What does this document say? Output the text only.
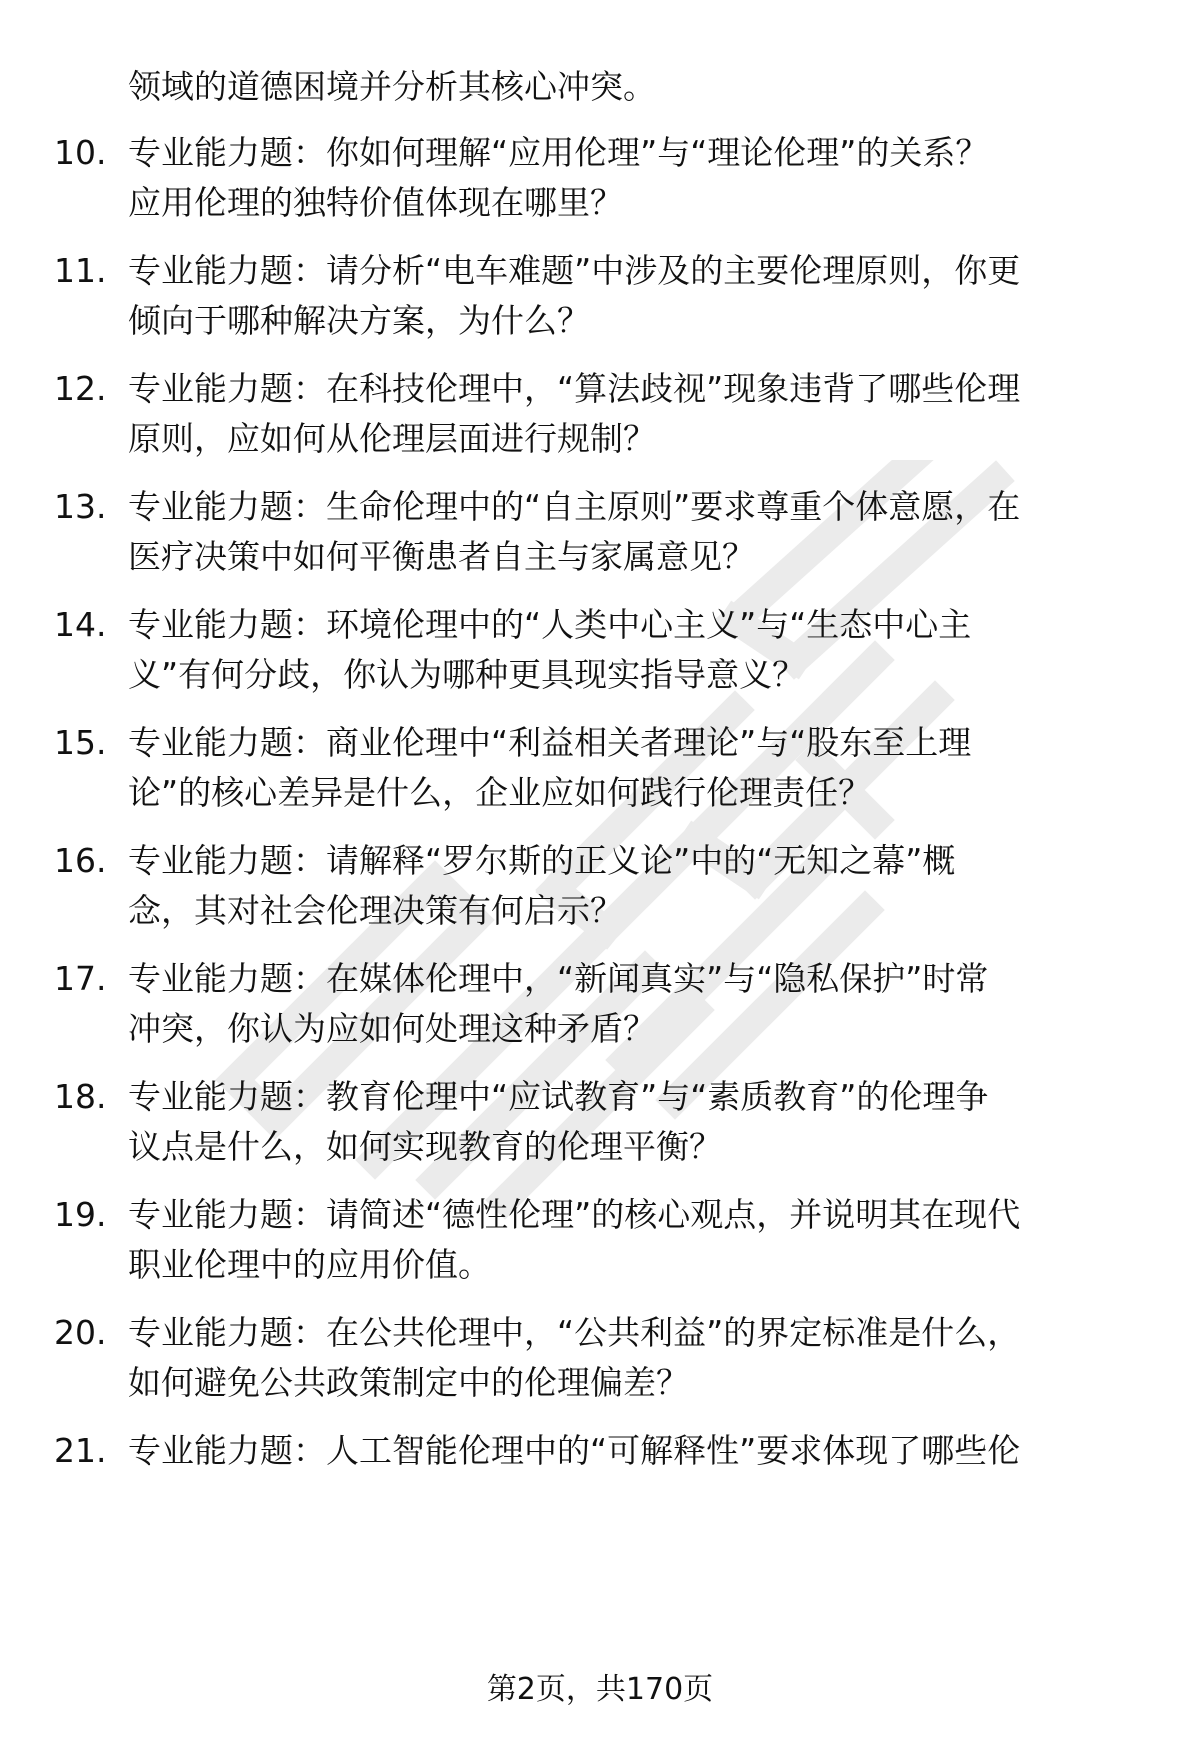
领域的道德困境并分析其核心冲突。
10. 专业能力题：你如何理解“应用伦理”与“理论伦理”的关系？
应用伦理的独特价值体现在哪里？
11. 专业能力题：请分析“电车难题”中涉及的主要伦理原则，你更
倾向于哪种解决方案，为什么？
12. 专业能力题：在科技伦理中，“算法歧视”现象违背了哪些伦理
原则，应如何从伦理层面进行规制？
13. 专业能力题：生命伦理中的“自主原则”要求尊重个体意愿，在
医疗决策中如何平衡患者自主与家属意见？
14. 专业能力题：环境伦理中的“人类中心主义”与“生态中心主
义”有何分歧，你认为哪种更具现实指导意义？
15. 专业能力题：商业伦理中“利益相关者理论”与“股东至上理
论”的核心差异是什么，企业应如何践行伦理责任？
16. 专业能力题：请解释“罗尔斯的正义论”中的“无知之幕”概
念，其对社会伦理决策有何启示？
17. 专业能力题：在媒体伦理中，“新闻真实”与“隐私保护”时常
冲突，你认为应如何处理这种矛盾？
18. 专业能力题：教育伦理中“应试教育”与“素质教育”的伦理争
议点是什么，如何实现教育的伦理平衡？
19. 专业能力题：请简述“德性伦理”的核心观点，并说明其在现代
职业伦理中的应用价值。
20. 专业能力题：在公共伦理中，“公共利益”的界定标准是什么，
如何避免公共政策制定中的伦理偏差？
21. 专业能力题：人工智能伦理中的“可解释性”要求体现了哪些伦
第2页，共170页
